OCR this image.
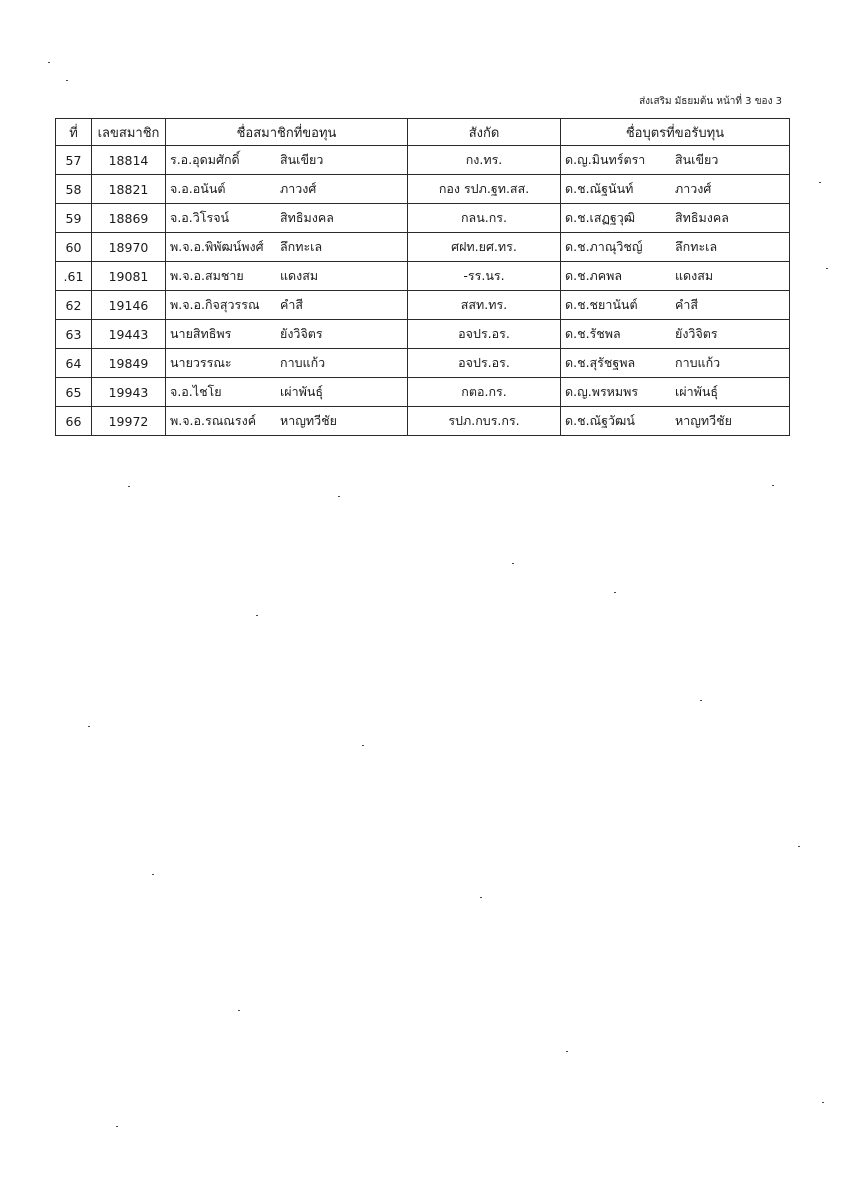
ส่งเสริม มัธยมต้น หน้าที่ 3 ของ 3
ที่	เลขสมาชิก	ชื่อสมาชิกที่ขอทุน	สังกัด	ชื่อบุตรที่ขอรับทุน
57	18814	ร.อ.อุดมศักดิ์ สินเขียว	กง.ทร.	ด.ญ.มินทร์ตรา สินเขียว

58	18821	จ.อ.อนันต์ ภาวงศ์	กอง รปภ.ฐท.สส.	ด.ช.ณัฐนันท์ ภาวงศ์

59	18869	จ.อ.วิโรจน์ สิทธิมงคล	กลน.กร.	ด.ช.เสฏฐวุฒิ สิทธิมงคล

60	18970	พ.จ.อ.พิพัฒน์พงศ์ ลึกทะเล	ศฝท.ยศ.ทร.	ด.ช.ภาณุวิชญ์ ลึกทะเล

.61	19081	พ.จ.อ.สมชาย แดงสม	-รร.นร.	ด.ช.ภคพล แดงสม

62	19146	พ.จ.อ.กิจสุวรรณ คำสี	สสท.ทร.	ด.ช.ชยานันต์ คำสี

63	19443	นายสิทธิพร ยังวิจิตร	อจปร.อร.	ด.ช.รัชพล ยังวิจิตร

64	19849	นายวรรณะ กาบแก้ว	อจปร.อร.	ด.ช.สุรัชฐพล กาบแก้ว

65	19943	จ.อ.ไชโย เผ่าพันธุ์	กตอ.กร.	ด.ญ.พรหมพร เผ่าพันธุ์

66	19972	พ.จ.อ.รณณรงค์ หาญทวีชัย	รปภ.กบร.กร.	ด.ช.ณัฐวัฒน์ หาญทวีชัย
